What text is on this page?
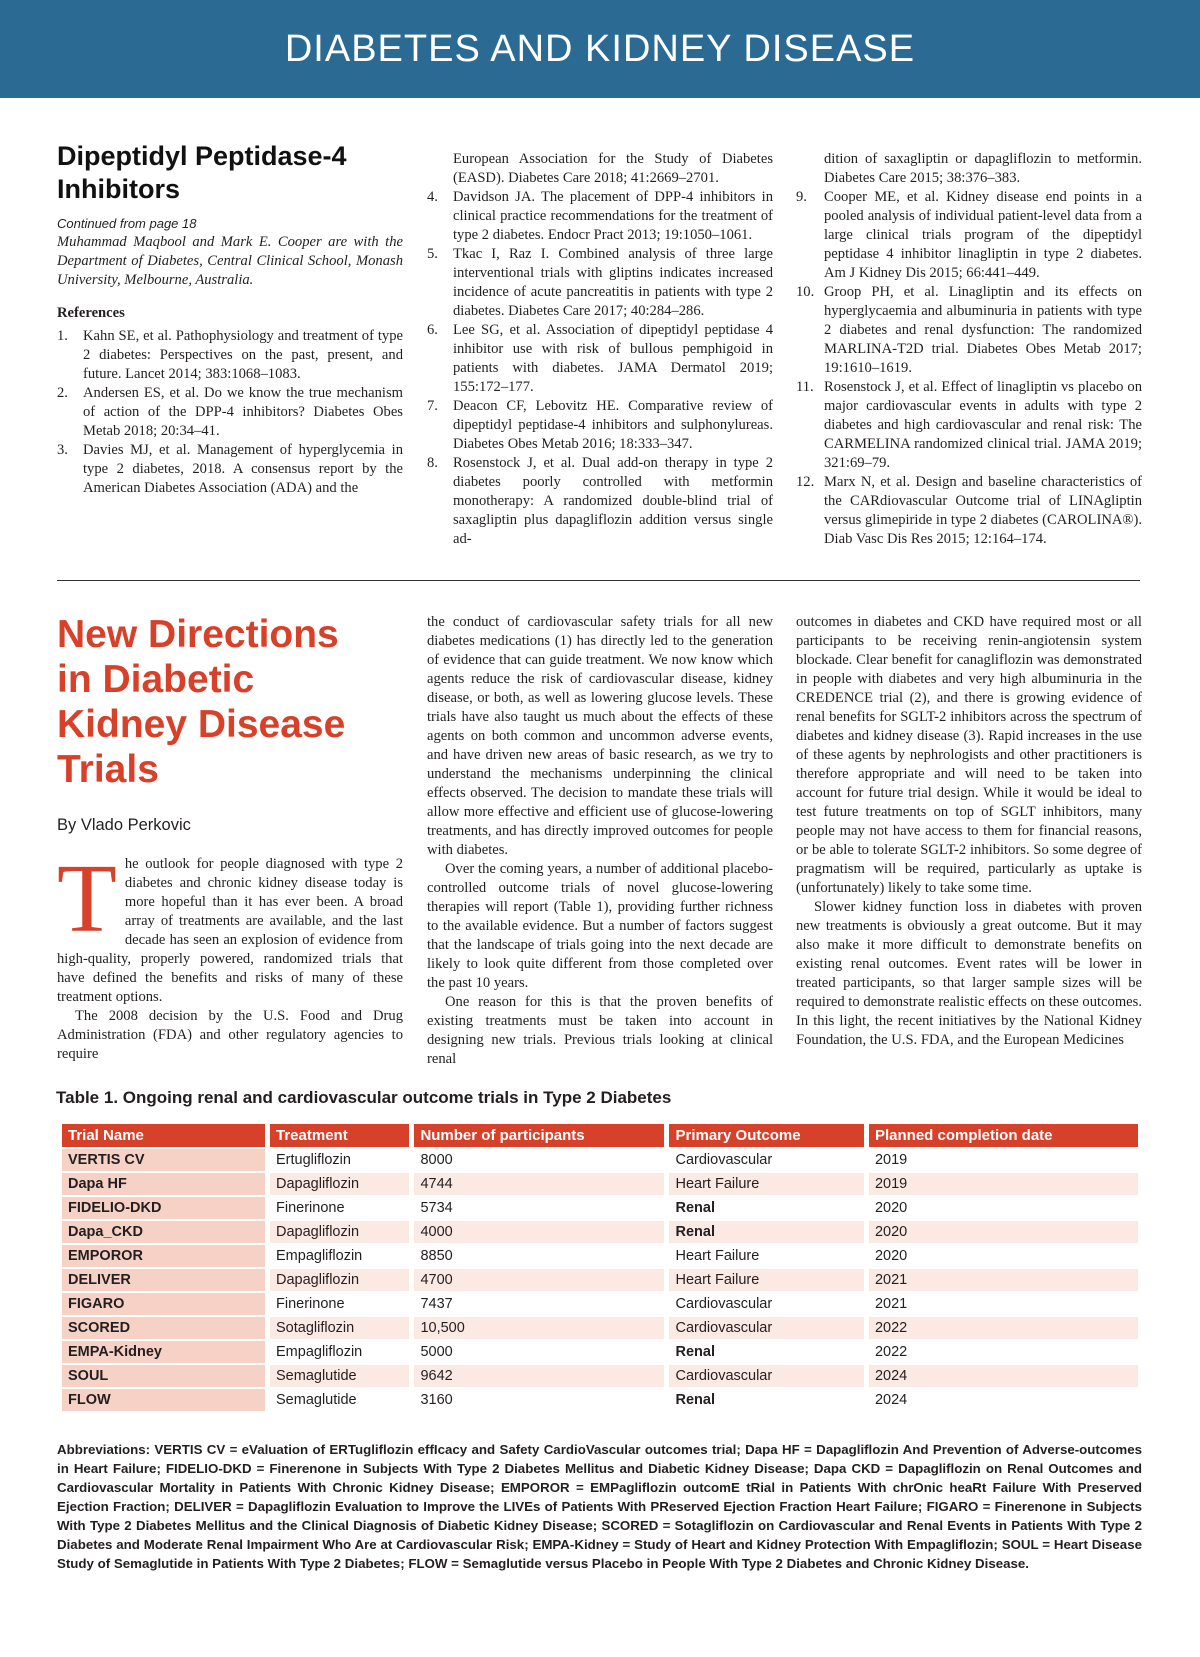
DIABETES AND KIDNEY DISEASE
Dipeptidyl Peptidase-4
Inhibitors
Continued from page 18

Muhammad Maqbool and Mark E. Cooper are with the Department of Diabetes, Central Clinical School, Monash University, Melbourne, Australia.

References
1.	Kahn SE, et al. Pathophysiology and treatment of type 2 diabetes: Perspectives on the past, present, and future. Lancet 2014; 383:1068–1083.
2.	Andersen ES, et al. Do we know the true mechanism of action of the DPP-4 inhibitors? Diabetes Obes Metab 2018; 20:34–41.
3.	Davies MJ, et al. Management of hyperglycemia in type 2 diabetes, 2018. A consensus report by the American Diabetes Association (ADA) and the
European Association for the Study of Diabetes (EASD). Diabetes Care 2018; 41:2669–2701.
4.	Davidson JA. The placement of DPP-4 inhibitors in clinical practice recommendations for the treatment of type 2 diabetes. Endocr Pract 2013; 19:1050–1061.
5.	Tkac I, Raz I. Combined analysis of three large interventional trials with gliptins indicates increased incidence of acute pancreatitis in patients with type 2 diabetes. Diabetes Care 2017; 40:284–286.
6.	Lee SG, et al. Association of dipeptidyl peptidase 4 inhibitor use with risk of bullous pemphigoid in patients with diabetes. JAMA Dermatol 2019; 155:172–177.
7.	Deacon CF, Lebovitz HE. Comparative review of dipeptidyl peptidase-4 inhibitors and sulphonylureas. Diabetes Obes Metab 2016; 18:333–347.
8.	Rosenstock J, et al. Dual add-on therapy in type 2 diabetes poorly controlled with metformin monotherapy: A randomized double-blind trial of saxagliptin plus dapagliflozin addition versus single ad-
dition of saxagliptin or dapagliflozin to metformin. Diabetes Care 2015; 38:376–383.
9.	Cooper ME, et al. Kidney disease end points in a pooled analysis of individual patient-level data from a large clinical trials program of the dipeptidyl peptidase 4 inhibitor linagliptin in type 2 diabetes. Am J Kidney Dis 2015; 66:441–449.
10. Groop PH, et al. Linagliptin and its effects on hyperglycaemia and albuminuria in patients with type 2 diabetes and renal dysfunction: The randomized MARLINA-T2D trial. Diabetes Obes Metab 2017; 19:1610–1619.
11. Rosenstock J, et al. Effect of linagliptin vs placebo on major cardiovascular events in adults with type 2 diabetes and high cardiovascular and renal risk: The CARMELINA randomized clinical trial. JAMA 2019; 321:69–79.
12. Marx N, et al. Design and baseline characteristics of the CARdiovascular Outcome trial of LINAgliptin versus glimepiride in type 2 diabetes (CAROLINA®). Diab Vasc Dis Res 2015; 12:164–174.
New Directions
in Diabetic
Kidney Disease
Trials
By Vlado Perkovic

The outlook for people diagnosed with type 2 diabetes and chronic kidney disease today is more hopeful than it has ever been. A broad array of treatments are available, and the last decade has seen an explosion of evidence from high-quality, properly powered, randomized trials that have defined the benefits and risks of many of these treatment options.

The 2008 decision by the U.S. Food and Drug Administration (FDA) and other regulatory agencies to require

the conduct of cardiovascular safety trials for all new diabetes medications (1) has directly led to the generation of evidence that can guide treatment. We now know which agents reduce the risk of cardiovascular disease, kidney disease, or both, as well as lowering glucose levels. These trials have also taught us much about the effects of these agents on both common and uncommon adverse events, and have driven new areas of basic research, as we try to understand the mechanisms underpinning the clinical effects observed. The decision to mandate these trials will allow more effective and efficient use of glucose-lowering treatments, and has directly improved outcomes for people with diabetes.

Over the coming years, a number of additional placebo-controlled outcome trials of novel glucose-lowering therapies will report (Table 1), providing further richness to the available evidence. But a number of factors suggest that the landscape of trials going into the next decade are likely to look quite different from those completed over the past 10 years.

One reason for this is that the proven benefits of existing treatments must be taken into account in designing new trials. Previous trials looking at clinical renal

outcomes in diabetes and CKD have required most or all participants to be receiving renin-angiotensin system blockade. Clear benefit for canagliflozin was demonstrated in people with diabetes and very high albuminuria in the CREDENCE trial (2), and there is growing evidence of renal benefits for SGLT-2 inhibitors across the spectrum of diabetes and kidney disease (3). Rapid increases in the use of these agents by nephrologists and other practitioners is therefore appropriate and will need to be taken into account for future trial design. While it would be ideal to test future treatments on top of SGLT inhibitors, many people may not have access to them for financial reasons, or be able to tolerate SGLT-2 inhibitors. So some degree of pragmatism will be required, particularly as uptake is (unfortunately) likely to take some time.

Slower kidney function loss in diabetes with proven new treatments is obviously a great outcome. But it may also make it more difficult to demonstrate benefits on existing renal outcomes. Event rates will be lower in treated participants, so that larger sample sizes will be required to demonstrate realistic effects on these outcomes. In this light, the recent initiatives by the National Kidney Foundation, the U.S. FDA, and the European Medicines

Table 1. Ongoing renal and cardiovascular outcome trials in Type 2 Diabetes
Trial Name	Treatment	Number of participants	Primary Outcome	Planned completion date
VERTIS CV	Ertugliflozin	8000	Cardiovascular	2019
Dapa HF	Dapagliflozin	4744	Heart Failure	2019
FIDELIO-DKD	Finerinone	5734	Renal	2020
Dapa_CKD	Dapagliflozin	4000	Renal	2020
EMPOROR	Empagliflozin	8850	Heart Failure	2020
DELIVER	Dapagliflozin	4700	Heart Failure	2021
FIGARO	Finerinone	7437	Cardiovascular	2021
SCORED	Sotagliflozin	10,500	Cardiovascular	2022
EMPA-Kidney	Empagliflozin	5000	Renal	2022
SOUL	Semaglutide	9642	Cardiovascular	2024
FLOW	Semaglutide	3160	Renal	2024
Abbreviations: VERTIS CV = eValuation of ERTugliflozin effIcacy and Safety CardioVascular outcomes trial; Dapa HF = Dapagliflozin And Prevention of Adverse-outcomes in Heart Failure; FIDELIO-DKD = Finerenone in Subjects With Type 2 Diabetes Mellitus and Diabetic Kidney Disease; Dapa CKD = Dapagliflozin on Renal Outcomes and Cardiovascular Mortality in Patients With Chronic Kidney Disease; EMPOROR = EMPagliflozin outcomE tRial in Patients With chrOnic heaRt Failure With Preserved Ejection Fraction; DELIVER = Dapagliflozin Evaluation to Improve the LIVEs of Patients With PReserved Ejection Fraction Heart Failure; FIGARO = Finerenone in Subjects With Type 2 Diabetes Mellitus and the Clinical Diagnosis of Diabetic Kidney Disease; SCORED = Sotagliflozin on Cardiovascular and Renal Events in Patients With Type 2 Diabetes and Moderate Renal Impairment Who Are at Cardiovascular Risk; EMPA-Kidney = Study of Heart and Kidney Protection With Empagliflozin; SOUL = Heart Disease Study of Semaglutide in Patients With Type 2 Diabetes; FLOW = Semaglutide versus Placebo in People With Type 2 Diabetes and Chronic Kidney Disease.
